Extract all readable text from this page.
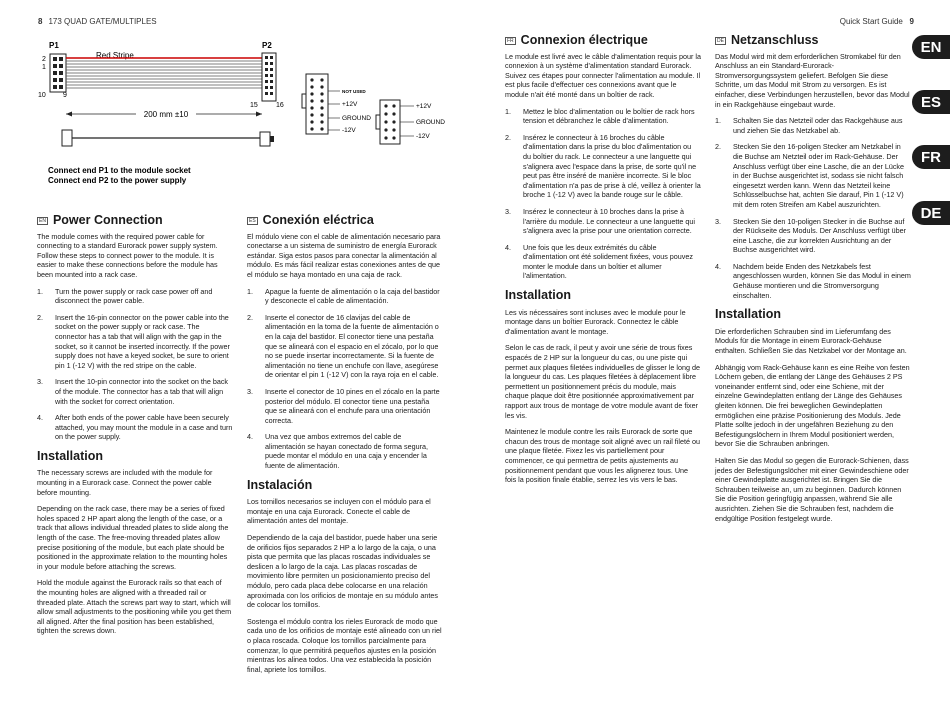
8 173 QUAD GATE/MULTIPLES	Quick Start Guide 9
P1	P2
Red Stripe
2
1
10 9
15	16
200 mm ±10
Connect end P1 to the module socket
Connect end P2 to the power supply
NOT USED
+12V
GROUND
-12V
+12V
GROUND
-12V
EN Power Connection

The module comes with the required power cable for connecting to a standard Eurorack power supply system. Follow these steps to connect power to the module. It is easier to make these connections before the module has been mounted into a rack case.

1.	Turn the power supply or rack case power off and disconnect the power cable.
2.	Insert the 16-pin connector on the power cable into the socket on the power supply or rack case. The connector has a tab that will align with the gap in the socket, so it cannot be inserted incorrectly. If the power supply does not have a keyed socket, be sure to orient pin 1 (-12 V) with the red stripe on the cable.
3.	Insert the 10-pin connector into the socket on the back of the module. The connector has a tab that will align with the socket for correct orientation.
4.	After both ends of the power cable have been securely attached, you may mount the module in a case and turn on the power supply.
Installation

The necessary screws are included with the module for mounting in a Eurorack case. Connect the power cable before mounting.

Depending on the rack case, there may be a series of fixed holes spaced 2 HP apart along the length of the case, or a track that allows individual threaded plates to slide along the length of the case. The free-moving threaded plates allow precise positioning of the module, but each plate should be positioned in the approximate relation to the mounting holes in your module before attaching the screws.

Hold the module against the Eurorack rails so that each of the mounting holes are aligned with a threaded rail or threaded plate. Attach the screws part way to start, which will allow small adjustments to the positioning while you get them all aligned. After the final position has been established, tighten the screws down.

ES Conexión eléctrica

El módulo viene con el cable de alimentación necesario para conectarse a un sistema de suministro de energía Eurorack estándar. Siga estos pasos para conectar la alimentación al módulo. Es más fácil realizar estas conexiones antes de que el módulo se haya montado en una caja de rack.

1.	Apague la fuente de alimentación o la caja del bastidor y desconecte el cable de alimentación.
2.	Inserte el conector de 16 clavijas del cable de alimentación en la toma de la fuente de alimentación o en la caja del bastidor. El conector tiene una pestaña que se alineará con el espacio en el zócalo, por lo que no se puede insertar incorrectamente. Si la fuente de alimentación no tiene un enchufe con llave, asegúrese de orientar el pin 1 (-12 V) con la raya roja en el cable.
3.	Inserte el conector de 10 pines en el zócalo en la parte posterior del módulo. El conector tiene una pestaña que se alineará con el enchufe para una orientación correcta.
4.	Una vez que ambos extremos del cable de alimentación se hayan conectado de forma segura, puede montar el módulo en una caja y encender la fuente de alimentación.
Instalación

Los tornillos necesarios se incluyen con el módulo para el montaje en una caja Eurorack. Conecte el cable de alimentación antes del montaje.

Dependiendo de la caja del bastidor, puede haber una serie de orificios fijos separados 2 HP a lo largo de la caja, o una pista que permita que las placas roscadas individuales se deslicen a lo largo de la caja. Las placas roscadas de movimiento libre permiten un posicionamiento preciso del módulo, pero cada placa debe colocarse en una relación aproximada con los orificios de montaje en su módulo antes de colocar los tornillos.

Sostenga el módulo contra los rieles Eurorack de modo que cada uno de los orificios de montaje esté alineado con un riel o placa roscada. Coloque los tornillos parcialmente para comenzar, lo que permitirá pequeños ajustes en la posición mientras los alinea todos. Una vez establecida la posición final, apriete los tornillos.

FR Connexion électrique

Le module est livré avec le câble d'alimentation requis pour la connexion à un système d'alimentation standard Eurorack. Suivez ces étapes pour connecter l'alimentation au module. Il est plus facile d'effectuer ces connexions avant que le module n'ait été monté dans un boîtier de rack.

1.	Mettez le bloc d'alimentation ou le boîtier de rack hors tension et débranchez le câble d'alimentation.
2.	Insérez le connecteur à 16 broches du câble d'alimentation dans la prise du bloc d'alimentation ou du boîtier du rack. Le connecteur a une languette qui s'alignera avec l'espace dans la prise, de sorte qu'il ne peut pas être inséré de manière incorrecte. Si le bloc d'alimentation n'a pas de prise à clé, veillez à orienter la broche 1 (-12 V) avec la bande rouge sur le câble.
3.	Insérez le connecteur à 10 broches dans la prise à l'arrière du module. Le connecteur a une languette qui s'alignera avec la prise pour une orientation correcte.
4.	Une fois que les deux extrémités du câble d'alimentation ont été solidement fixées, vous pouvez monter le module dans un boîtier et allumer l'alimentation.
Installation

Les vis nécessaires sont incluses avec le module pour le montage dans un boîtier Eurorack. Connectez le câble d'alimentation avant le montage.

Selon le cas de rack, il peut y avoir une série de trous fixes espacés de 2 HP sur la longueur du cas, ou une piste qui permet aux plaques filetées individuelles de glisser le long de la longueur du cas. Les plaques filetées à déplacement libre permettent un positionnement précis du module, mais chaque plaque doit être positionnée approximativement par rapport aux trous de montage de votre module avant de fixer les vis.

Maintenez le module contre les rails Eurorack de sorte que chacun des trous de montage soit aligné avec un rail fileté ou une plaque filetée. Fixez les vis partiellement pour commencer, ce qui permettra de petits ajustements au positionnement pendant que vous les alignerez tous. Une fois la position finale établie, serrez les vis vers le bas.

DE Netzanschluss

Das Modul wird mit dem erforderlichen Stromkabel für den Anschluss an ein Standard-Eurorack-Stromversorgungssystem geliefert. Befolgen Sie diese Schritte, um das Modul mit Strom zu versorgen. Es ist einfacher, diese Verbindungen herzustellen, bevor das Modul in ein Rackgehäuse eingebaut wurde.

1.	Schalten Sie das Netzteil oder das Rackgehäuse aus und ziehen Sie das Netzkabel ab.
2.	Stecken Sie den 16-poligen Stecker am Netzkabel in die Buchse am Netzteil oder im Rack-Gehäuse. Der Anschluss verfügt über eine Lasche, die an der Lücke in der Buchse ausgerichtet ist, sodass sie nicht falsch eingesetzt werden kann. Wenn das Netzteil keine Schlüsselbuchse hat, achten Sie darauf, Pin 1 (-12 V) mit dem roten Streifen am Kabel auszurichten.
3.	Stecken Sie den 10-poligen Stecker in die Buchse auf der Rückseite des Moduls. Der Anschluss verfügt über eine Lasche, die zur korrekten Ausrichtung an der Buchse ausgerichtet wird.
4.	Nachdem beide Enden des Netzkabels fest angeschlossen wurden, können Sie das Modul in einem Gehäuse montieren und die Stromversorgung einschalten.
Installation

Die erforderlichen Schrauben sind im Lieferumfang des Moduls für die Montage in einem Eurorack-Gehäuse enthalten. Schließen Sie das Netzkabel vor der Montage an.

Abhängig vom Rack-Gehäuse kann es eine Reihe von festen Löchern geben, die entlang der Länge des Gehäuses 2 PS voneinander entfernt sind, oder eine Schiene, mit der einzelne Gewindeplatten entlang der Länge des Gehäuses gleiten können. Die frei beweglichen Gewindeplatten ermöglichen eine präzise Positionierung des Moduls. Jede Platte sollte jedoch in der ungefähren Beziehung zu den Befestigungslöchern in Ihrem Modul positioniert werden, bevor Sie die Schrauben anbringen.

Halten Sie das Modul so gegen die Eurorack-Schienen, dass jedes der Befestigungslöcher mit einer Gewindeschiene oder einer Gewindeplatte ausgerichtet ist. Bringen Sie die Schrauben teilweise an, um zu beginnen. Dadurch können Sie die Position geringfügig anpassen, während Sie alle ausrichten. Ziehen Sie die Schrauben fest, nachdem die endgültige Position festgelegt wurde.

EN
ES
FR
DE
